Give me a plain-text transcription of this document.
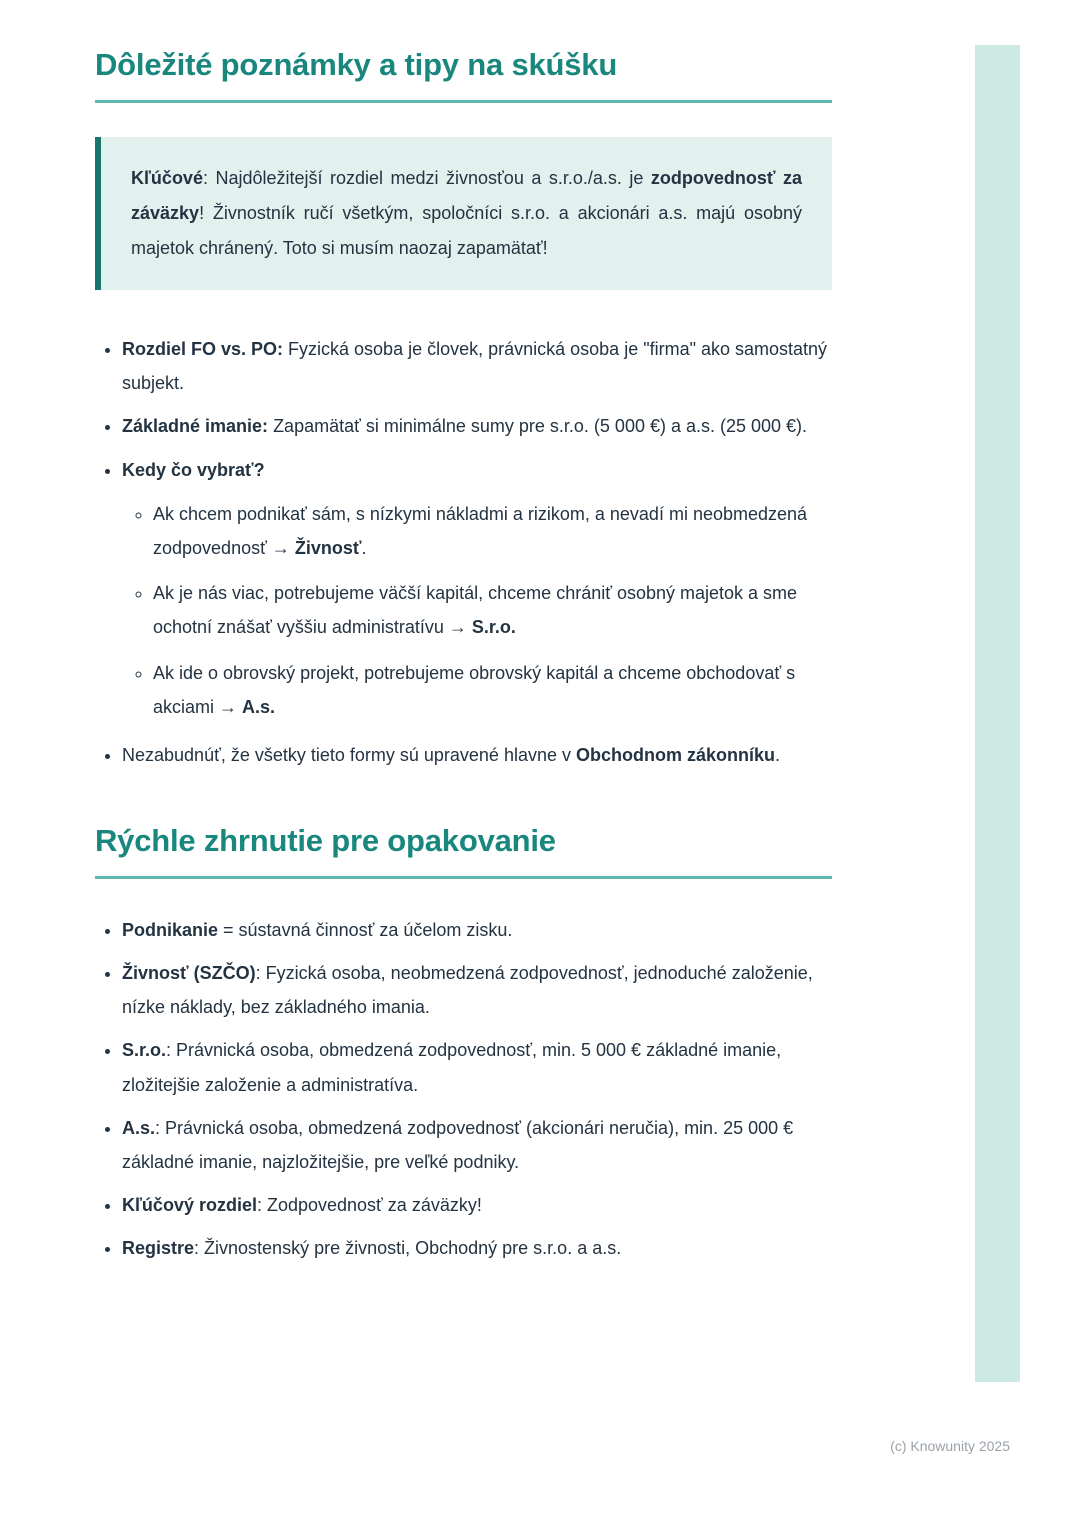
Dôležité poznámky a tipy na skúšku

Kľúčové: Najdôležitejší rozdiel medzi živnosťou a s.r.o./a.s. je zodpovednosť za záväzky! Živnostník ručí všetkým, spoločníci s.r.o. a akcionári a.s. majú osobný majetok chránený. Toto si musím naozaj zapamätať!

• Rozdiel FO vs. PO: Fyzická osoba je človek, právnická osoba je "firma" ako samostatný subjekt.
• Základné imanie: Zapamätať si minimálne sumy pre s.r.o. (5 000 €) a a.s. (25 000 €).
• Kedy čo vybrať?
◦ Ak chcem podnikať sám, s nízkymi nákladmi a rizikom, a nevadí mi neobmedzená zodpovednosť → Živnosť.
◦ Ak je nás viac, potrebujeme väčší kapitál, chceme chrániť osobný majetok a sme ochotní znášať vyššiu administratívu → S.r.o.
◦ Ak ide o obrovský projekt, potrebujeme obrovský kapitál a chceme obchodovať s akciami → A.s.
• Nezabudnúť, že všetky tieto formy sú upravené hlavne v Obchodnom zákonníku.
Rýchle zhrnutie pre opakovanie
• Podnikanie = sústavná činnosť za účelom zisku.
• Živnosť (SZČO): Fyzická osoba, neobmedzená zodpovednosť, jednoduché založenie, nízke náklady, bez základného imania.
• S.r.o.: Právnická osoba, obmedzená zodpovednosť, min. 5 000 € základné imanie, zložitejšie založenie a administratíva.
• A.s.: Právnická osoba, obmedzená zodpovednosť (akcionári neručia), min. 25 000 € základné imanie, najzložitejšie, pre veľké podniky.
• Kľúčový rozdiel: Zodpovednosť za záväzky!
• Registre: Živnostenský pre živnosti, Obchodný pre s.r.o. a a.s.
(c) Knowunity 2025
